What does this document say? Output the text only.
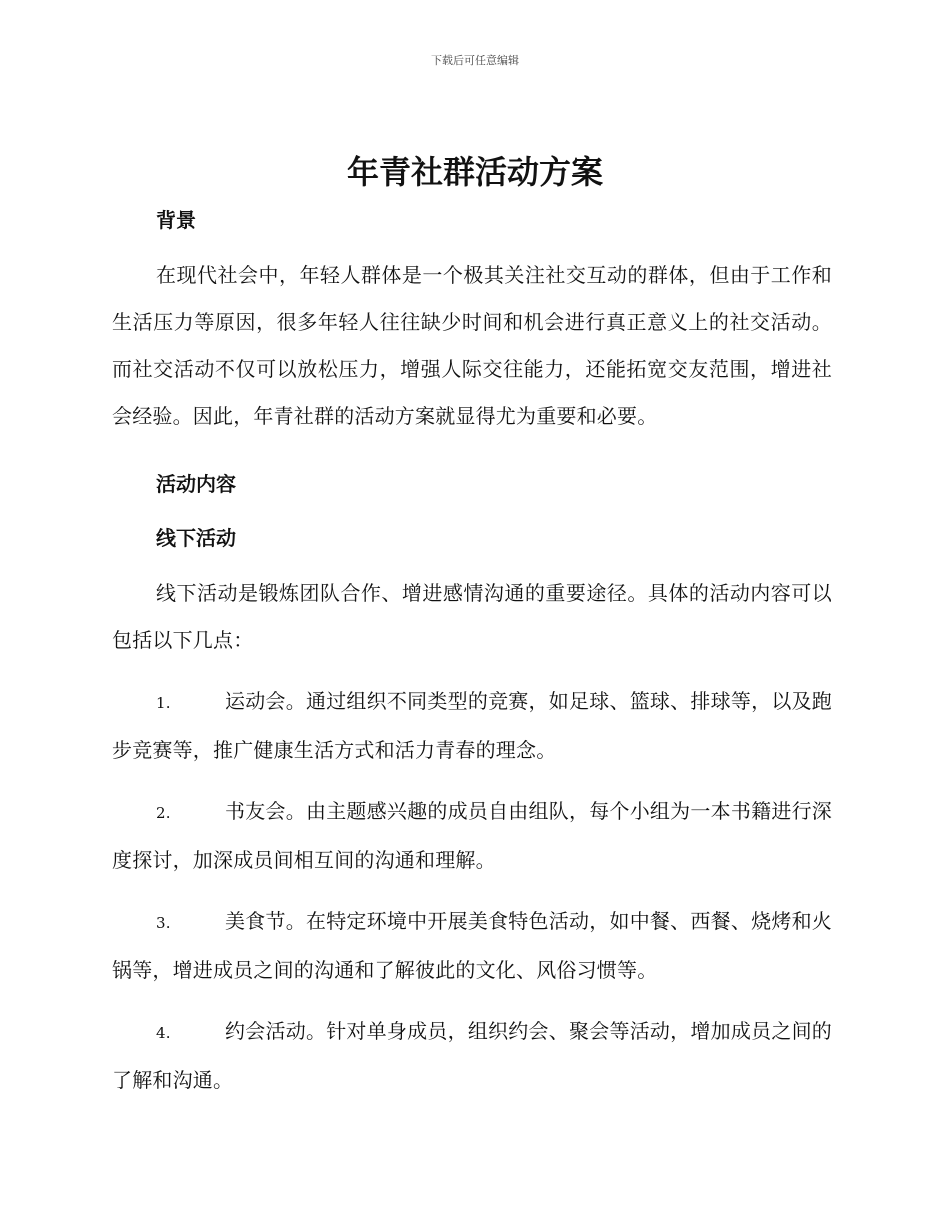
下载后可任意编辑
年青社群活动方案
背景

在现代社会中，年轻人群体是一个极其关注社交互动的群体，但由于工作和生活压力等原因，很多年轻人往往缺少时间和机会进行真正意义上的社交活动。而社交活动不仅可以放松压力，增强人际交往能力，还能拓宽交友范围，增进社会经验。因此，年青社群的活动方案就显得尤为重要和必要。

活动内容
线下活动

线下活动是锻炼团队合作、增进感情沟通的重要途径。具体的活动内容可以包括以下几点：

1.	运动会。通过组织不同类型的竞赛，如足球、篮球、排球等，以及跑步竞赛等，推广健康生活方式和活力青春的理念。

2.	书友会。由主题感兴趣的成员自由组队，每个小组为一本书籍进行深度探讨，加深成员间相互间的沟通和理解。

3.	美食节。在特定环境中开展美食特色活动，如中餐、西餐、烧烤和火锅等，增进成员之间的沟通和了解彼此的文化、风俗习惯等。

4.	约会活动。针对单身成员，组织约会、聚会等活动，增加成员之间的了解和沟通。
